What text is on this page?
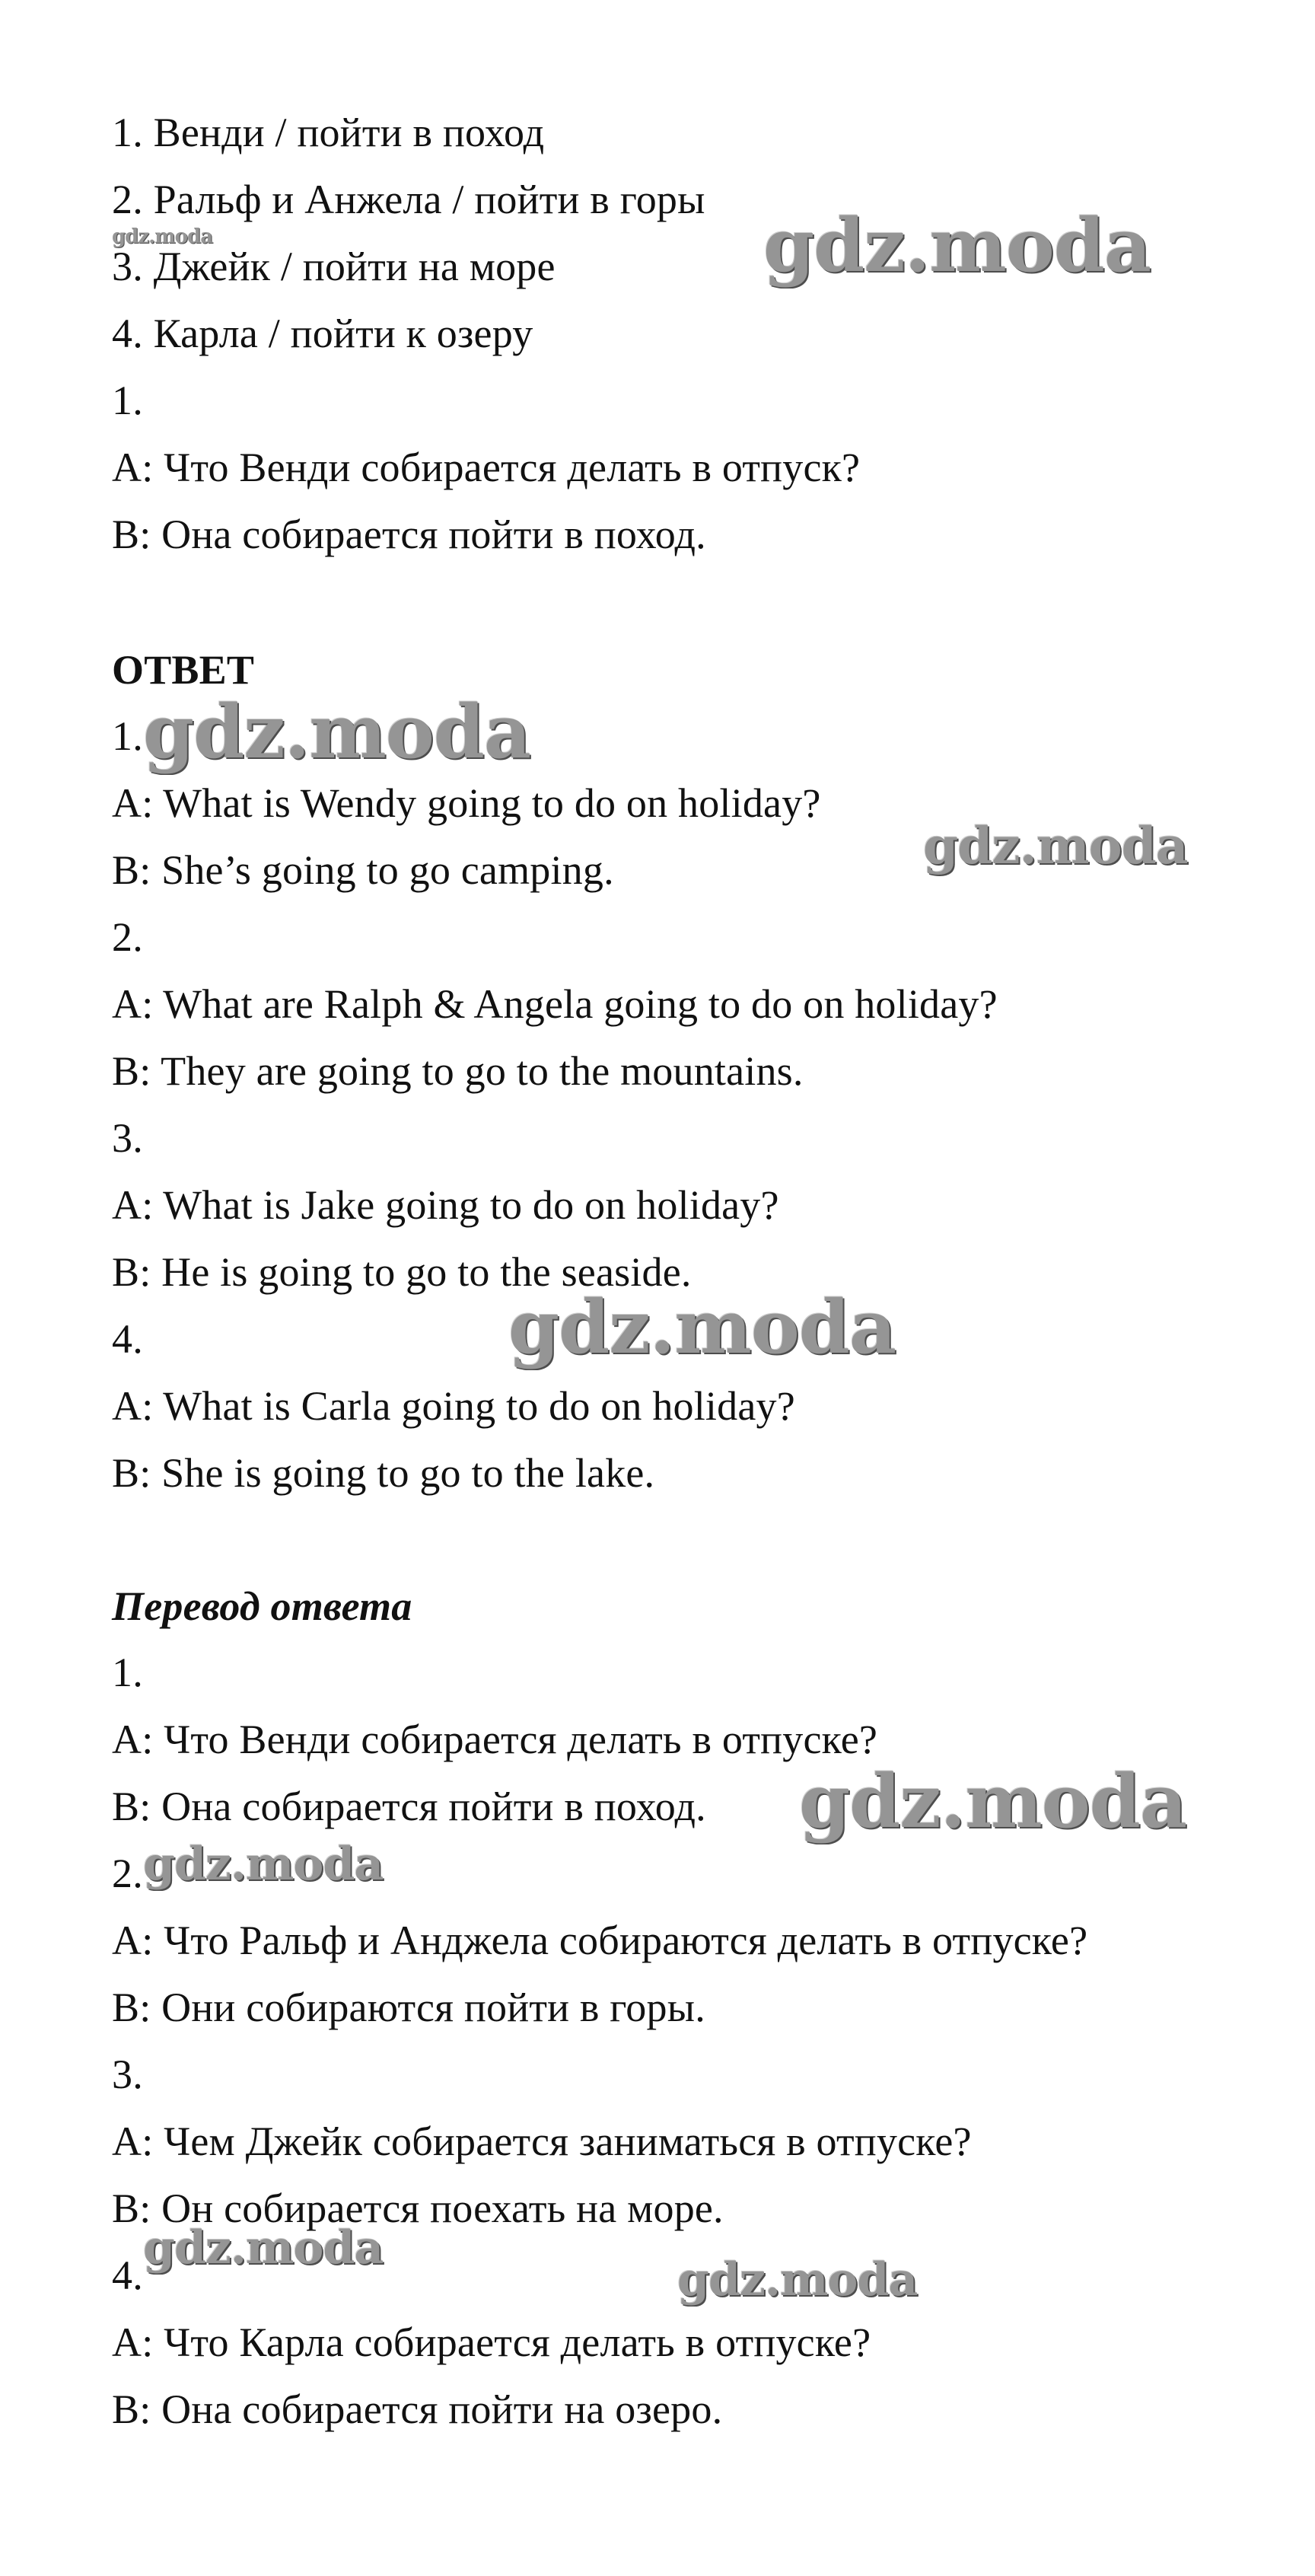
1. Венди / пойти в поход
2. Ральф и Анжела / пойти в горы
3. Джейк / пойти на море
4. Карла / пойти к озеру
1.
A: Что Венди собирается делать в отпуск?
B: Она собирается пойти в поход.
ОТВЕТ
1.
A: What is Wendy going to do on holiday?
B: She’s going to go camping.
2.
A: What are Ralph & Angela going to do on holiday?
B: They are going to go to the mountains.
3.
A: What is Jake going to do on holiday?
B: He is going to go to the seaside.
4.
A: What is Carla going to do on holiday?
B: She is going to go to the lake.
Перевод ответа
1.
A: Что Венди собирается делать в отпуске?
B: Она собирается пойти в поход.
2.
A: Что Ральф и Анджела собираются делать в отпуске?
B: Они собираются пойти в горы.
3.
A: Чем Джейк собирается заниматься в отпуске?
B: Он собирается поехать на море.
4.
A: Что Карла собирается делать в отпуске?
B: Она собирается пойти на озеро.
gdz.moda	gdz.moda
gdz.moda
gdz.moda
gdz.moda
gdz.moda
gdz.moda
gdz.moda
gdz.moda
